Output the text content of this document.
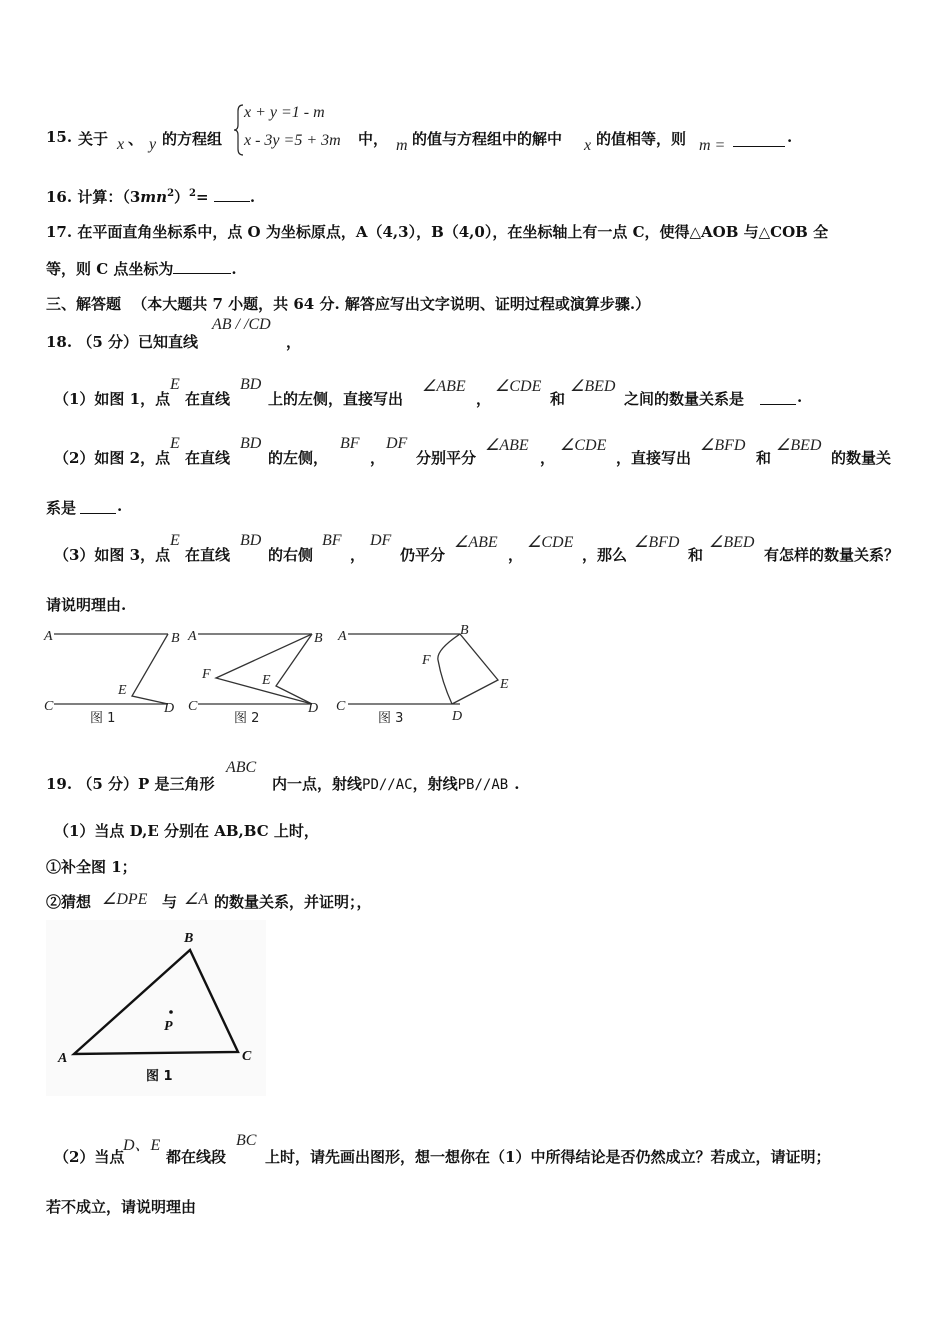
15. 关于 x 、 y 的方程组
x + y =1 - m
x - 3y =5 + 3m 中， m 的值与方程组中的解中 x 的值相等，则 m =	.
16. 计算：$(3mn^2)^2=$	.
17. 在平面直角坐标系中，点 O 为坐标原点，A（4,3），B（4,0），在坐标轴上有一点 C，使得△AOB 与△COB 全
等，则 C 点坐标为	.
三、解答题 （本大题共 7 小题，共 64 分. 解答应写出文字说明、证明过程或演算步骤.）
18. （5 分）已知直线
AB / /CD
，
（1）如图 1，点
E
在直线
BD
上的左侧，直接写出
∠ABE
，
∠CDE
和
∠BED
之间的数量关系是	.
（2）如图 2，点
E
在直线
BD
的左侧，
BF
，
DF
分别平分
∠ABE
，
∠CDE
，直接写出
∠BFD
和
∠BED
的数量关
系是	.
（3）如图 3，点
E
在直线
BD
的右侧
BF
，
DF
仍平分
∠ABE
，
∠CDE
，那么
∠BFD
和
∠BED
有怎样的数量关系？
请说明理由.
A	B
C	D
E
图 1
A	B
C	D
F	E
图 2
A	B
C
D
F
E
图 3
19. （5 分）P 是三角形
ABC
内一点，射线PD//AC，射线PB//AB .
（1）当点 D,E 分别在 AB,BC 上时，
①补全图 1；
②猜想 ∠DPE 与 ∠A 的数量关系，并证明；，
B
A	C
P
图 1
（2）当点
D、E
都在线段
BC
上时，请先画出图形，想一想你在（1）中所得结论是否仍然成立？若成立，请证明；
若不成立，请说明理由
